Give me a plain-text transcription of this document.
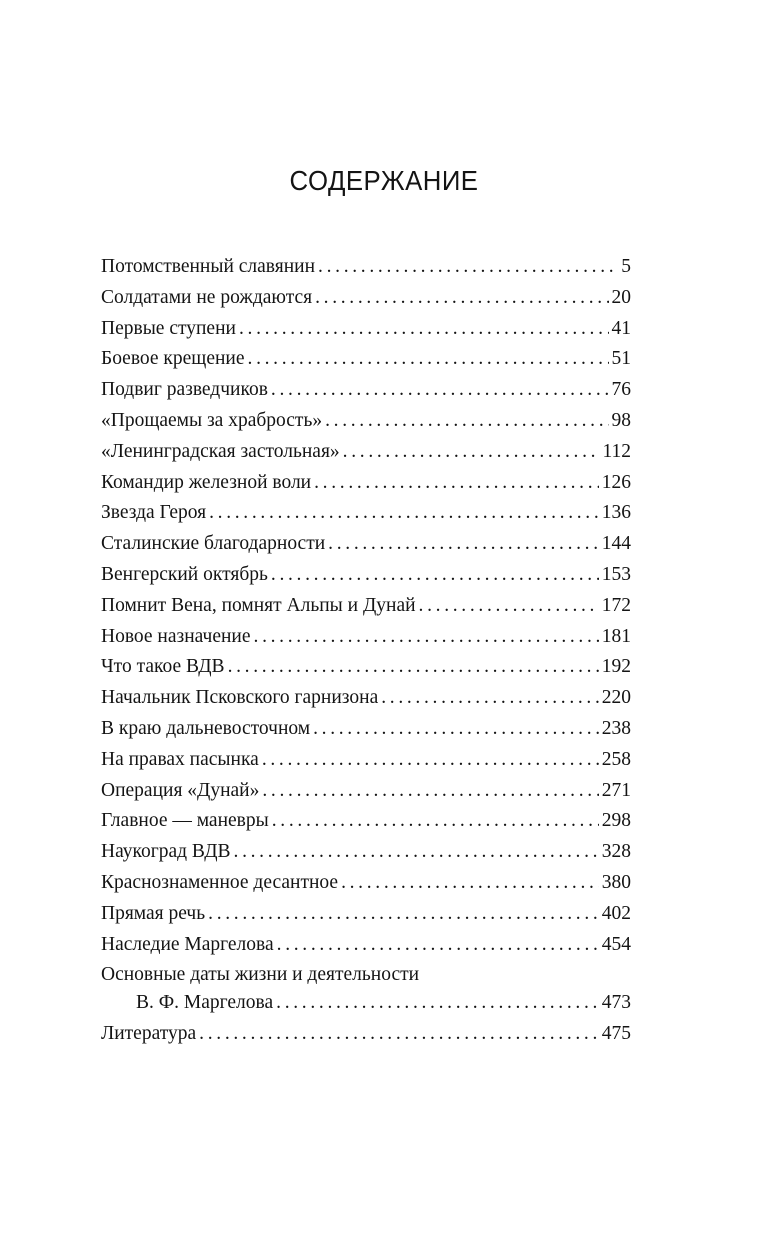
СОДЕРЖАНИЕ
Потомственный славянин . . .	5
Солдатами не рождаются . . .	20
Первые ступени . . .	41
Боевое крещение . . .	51
Подвиг разведчиков . . .	76
«Прощаемы за храбрость» . . .	98
«Ленинградская застольная» . . .	112
Командир железной воли . . .	126
Звезда Героя . . .	136
Сталинские благодарности . . .	144
Венгерский октябрь . . .	153
Помнит Вена, помнят Альпы и Дунай . . .	172
Новое назначение . . .	181
Что такое ВДВ . . .	192
Начальник Псковского гарнизона . . .	220
В краю дальневосточном . . .	238
На правах пасынка . . .	258
Операция «Дунай» . . .	271
Главное — маневры . . .	298
Наукоград ВДВ . . .	328
Краснознаменное десантное . . .	380
Прямая речь . . .	402
Наследие Маргелова . . .	454
Основные даты жизни и деятельности
В. Ф. Маргелова . . .	473
Литература . . .	475
